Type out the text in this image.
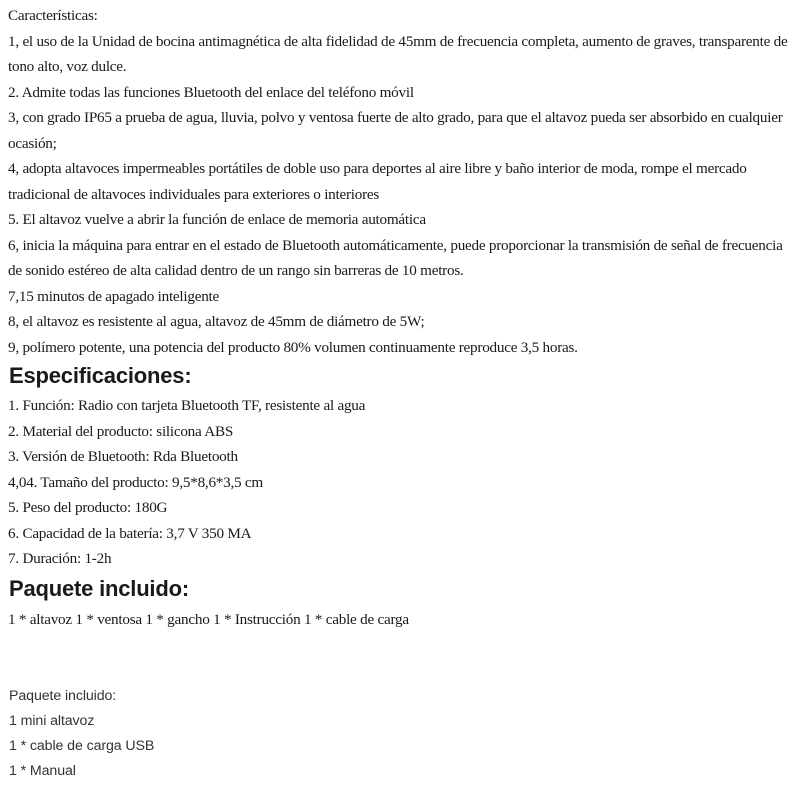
Características:

1, el uso de la Unidad de bocina antimagnética de alta fidelidad de 45mm de frecuencia completa, aumento de graves, transparente de tono alto, voz dulce.

2. Admite todas las funciones Bluetooth del enlace del teléfono móvil

3, con grado IP65 a prueba de agua, lluvia, polvo y ventosa fuerte de alto grado, para que el altavoz pueda ser absorbido en cualquier ocasión;

4, adopta altavoces impermeables portátiles de doble uso para deportes al aire libre y baño interior de moda, rompe el mercado tradicional de altavoces individuales para exteriores o interiores

5. El altavoz vuelve a abrir la función de enlace de memoria automática

6, inicia la máquina para entrar en el estado de Bluetooth automáticamente, puede proporcionar la transmisión de señal de frecuencia de sonido estéreo de alta calidad dentro de un rango sin barreras de 10 metros.

7,15 minutos de apagado inteligente

8, el altavoz es resistente al agua, altavoz de 45mm de diámetro de 5W;

9, polímero potente, una potencia del producto 80% volumen continuamente reproduce 3,5 horas.

Especificaciones:

1. Función: Radio con tarjeta Bluetooth TF, resistente al agua

2. Material del producto: silicona ABS

3. Versión de Bluetooth: Rda Bluetooth

4,04. Tamaño del producto: 9,5*8,6*3,5 cm

5. Peso del producto: 180G

6. Capacidad de la batería: 3,7 V 350 MA

7. Duración: 1-2h

Paquete incluido:

1 * altavoz 1 * ventosa 1 * gancho 1 * Instrucción 1 * cable de carga

Paquete incluido:

1 mini altavoz

1 * cable de carga USB

1 * Manual
